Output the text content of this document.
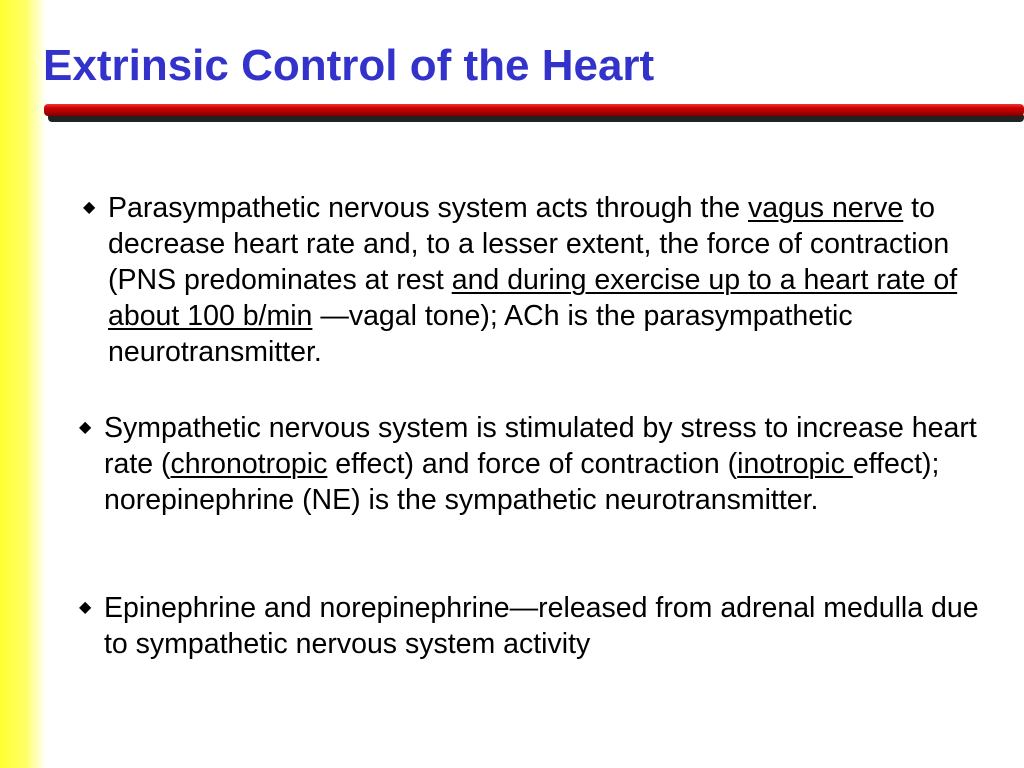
Extrinsic Control of the Heart

◆ Parasympathetic nervous system acts through the vagus nerve to decrease heart rate and, to a lesser extent, the force of contraction (PNS predominates at rest and during exercise up to a heart rate of about 100 b/min —vagal tone); ACh is the parasympathetic neurotransmitter.

◆ Sympathetic nervous system is stimulated by stress to increase heart rate (chronotropic effect) and force of contraction (inotropic effect); norepinephrine (NE) is the sympathetic neurotransmitter.

◆ Epinephrine and norepinephrine—released from adrenal medulla due to sympathetic nervous system activity
